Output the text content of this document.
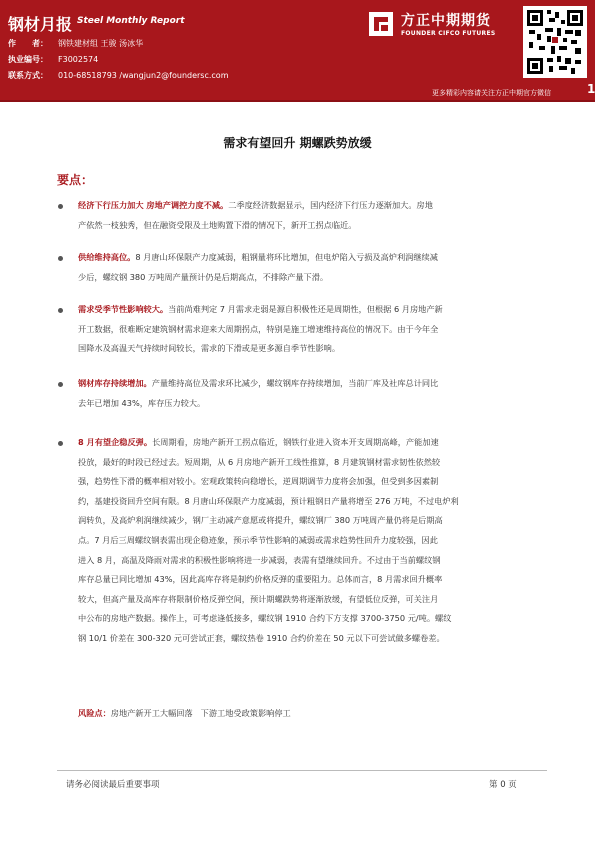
钢材月报 Steel Monthly Report
作　　者： 钢铁建材组 王骏 汤冰华
执业编号： F3002574
联系方式： 010-68518793 /wangjun2@foundersc.com
方正中期期货
FOUNDER CIFCO FUTURES
更多精彩内容请关注方正中期官方微信	1
需求有望回升 期螺跌势放缓
要点：
经济下行压力加大 房地产调控力度不减。二季度经济数据显示，国内经济下行压力逐渐加大。房地
产依然一枝独秀，但在融资受限及土地购置下滑的情况下，新开工拐点临近。
供给维持高位。8 月唐山环保限产力度减弱，粗钢量将环比增加，但电炉陷入亏损及高炉利润继续减
少后，螺纹钢 380 万吨周产量预计仍是后期高点，不排除产量下滑。
需求受季节性影响较大。当前尚难判定 7 月需求走弱是源自积极性还是周期性，但根据 6 月房地产新
开工数据，很难断定建筑钢材需求迎来大周期拐点，特别是施工增速维持高位的情况下。由于今年全
国降水及高温天气持续时间较长，需求的下滑或是更多源自季节性影响。
钢材库存持续增加。产量维持高位及需求环比减少，螺纹钢库存持续增加，当前厂库及社库总计同比
去年已增加 43%，库存压力较大。
8 月有望企稳反弹。长周期看，房地产新开工拐点临近，钢铁行业进入资本开支周期高峰，产能加速
投放，最好的时段已经过去。短周期，从 6 月房地产新开工线性推算，8 月建筑钢材需求韧性依然较
强，趋势性下滑的概率相对较小。宏观政策转向稳增长，逆周期调节力度将会加强，但受到多因素制
约，基建投资回升空间有限。8 月唐山环保限产力度减弱，预计粗钢日产量将增至 276 万吨，不过电炉利
润转负，及高炉利润继续减少，钢厂主动减产意愿或将提升，螺纹钢厂 380 万吨周产量仍将是后期高
点。7 月后三周螺纹钢表需出现企稳迹象，预示季节性影响的减弱或需求趋势性回升力度较强，因此
进入 8 月，高温及降雨对需求的积极性影响将进一步减弱，表需有望继续回升。不过由于当前螺纹钢
库存总量已同比增加 43%，因此高库存将是制约价格反弹的重要阻力。总体而言，8 月需求回升概率
较大，但高产量及高库存将限制价格反弹空间，预计期螺跌势将逐渐放缓，有望低位反弹，可关注月
中公布的房地产数据。操作上，可考虑逢低接多，螺纹钢 1910 合约下方支撑 3700-3750 元/吨。螺纹
钢 10/1 价差在 300-320 元可尝试正套，螺纹热卷 1910 合约价差在 50 元以下可尝试做多螺卷差。
风险点：房地产新开工大幅回落 下游工地受政策影响停工
请务必阅读最后重要事项	第 0 页
